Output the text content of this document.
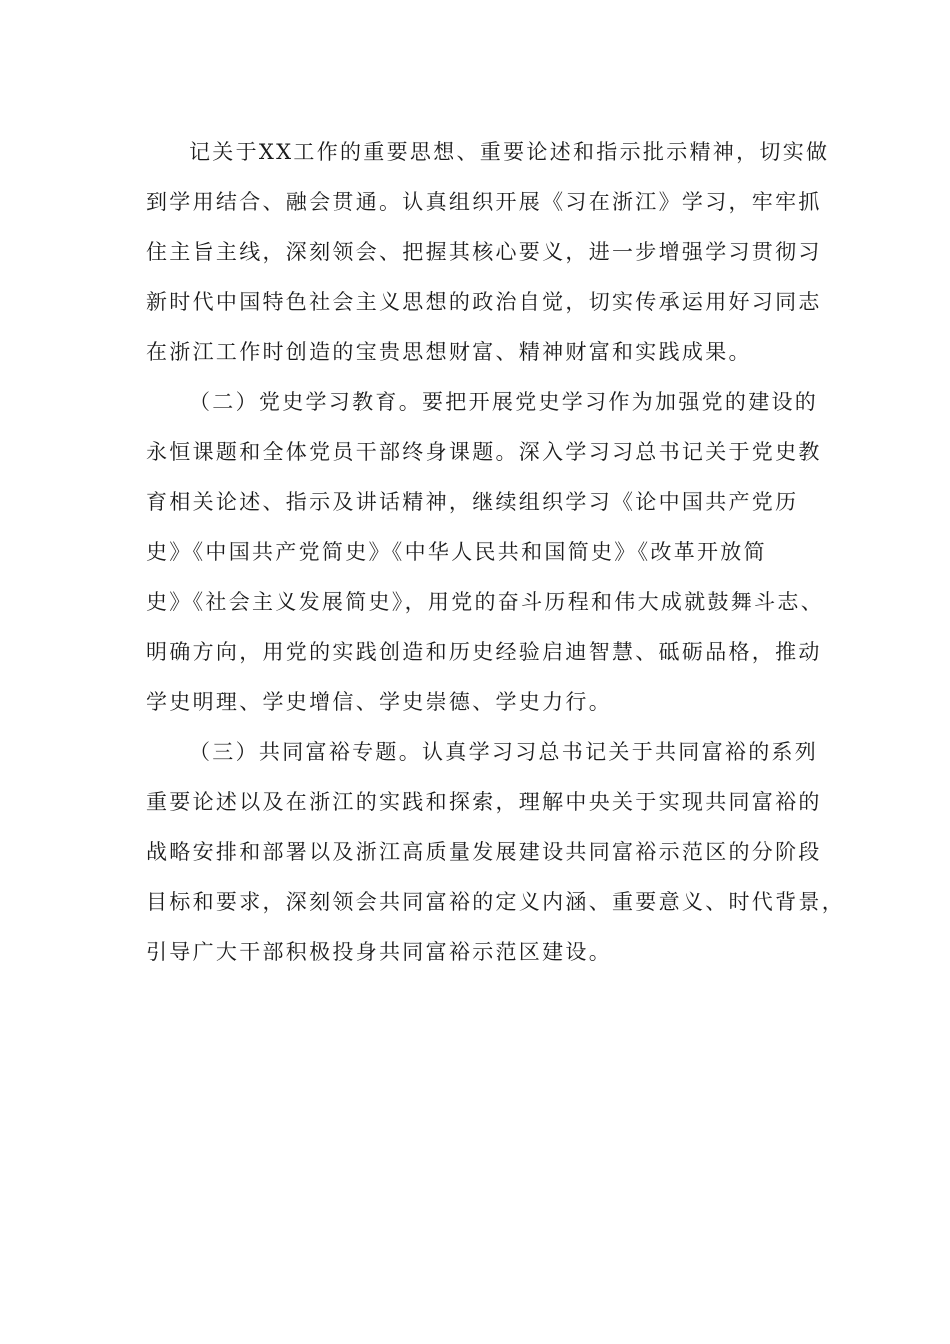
记关于XX工作的重要思想、重要论述和指示批示精神，切实做

到学用结合、融会贯通。认真组织开展《习在浙江》学习，牢牢抓

住主旨主线，深刻领会、把握其核心要义，进一步增强学习贯彻习

新时代中国特色社会主义思想的政治自觉，切实传承运用好习同志

在浙江工作时创造的宝贵思想财富、精神财富和实践成果。

（二）党史学习教育。要把开展党史学习作为加强党的建设的

永恒课题和全体党员干部终身课题。深入学习习总书记关于党史教

育相关论述、指示及讲话精神，继续组织学习《论中国共产党历

史》《中国共产党简史》《中华人民共和国简史》《改革开放简

史》《社会主义发展简史》，用党的奋斗历程和伟大成就鼓舞斗志、

明确方向，用党的实践创造和历史经验启迪智慧、砥砺品格，推动

学史明理、学史增信、学史崇德、学史力行。

（三）共同富裕专题。认真学习习总书记关于共同富裕的系列

重要论述以及在浙江的实践和探索，理解中央关于实现共同富裕的

战略安排和部署以及浙江高质量发展建设共同富裕示范区的分阶段

目标和要求，深刻领会共同富裕的定义内涵、重要意义、时代背景，

引导广大干部积极投身共同富裕示范区建设。
